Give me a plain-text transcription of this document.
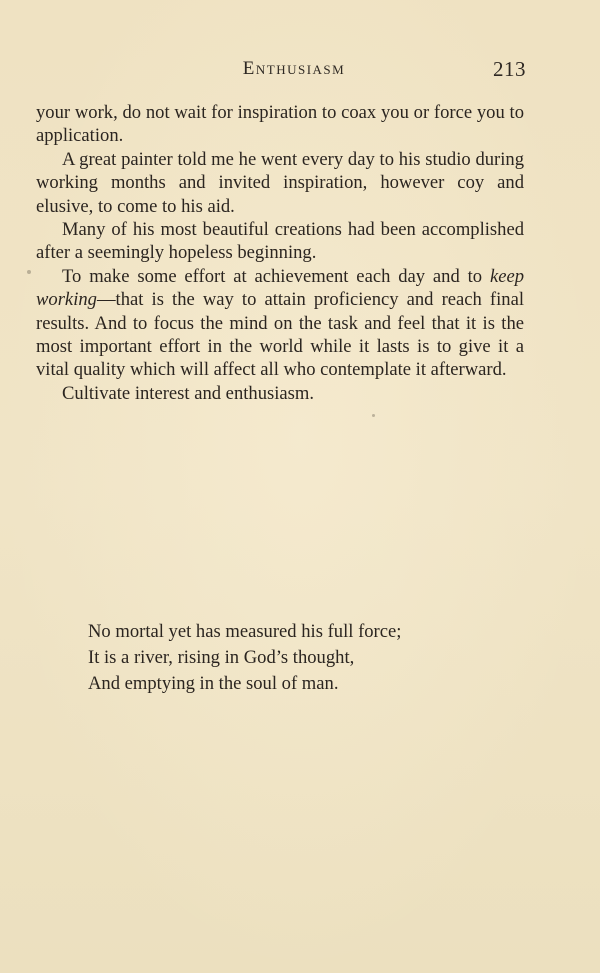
Enthusiasm	213

your work, do not wait for inspiration to coax you or force you to application.

A great painter told me he went every day to his studio during working months and invited inspiration, however coy and elusive, to come to his aid.

Many of his most beautiful creations had been accomplished after a seemingly hopeless beginning.

To make some effort at achievement each day and to keep working—that is the way to attain proficiency and reach final results. And to focus the mind on the task and feel that it is the most important effort in the world while it lasts is to give it a vital quality which will affect all who contemplate it afterward.

Cultivate interest and enthusiasm.

No mortal yet has measured his full force;
It is a river, rising in God’s thought,
And emptying in the soul of man.
